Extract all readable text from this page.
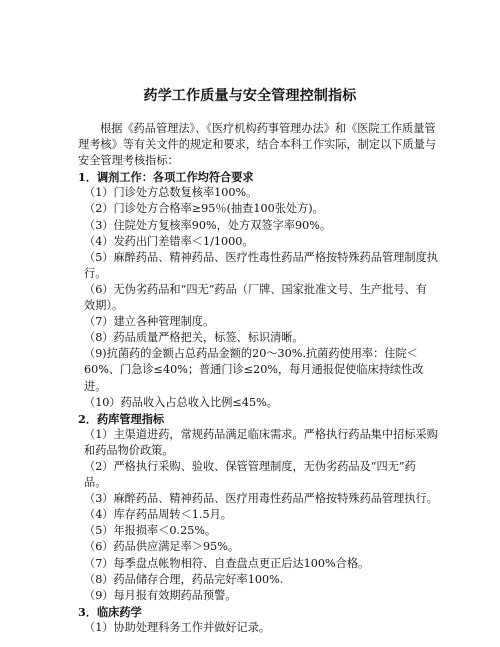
药学工作质量与安全管理控制指标

根据《药品管理法》、《医疗机构药事管理办法》和《医院工作质量管理考核》等有关文件的规定和要求，结合本科工作实际，制定以下质量与安全管理考核指标：

1．调剂工作：各项工作均符合要求

（1）门诊处方总数复核率100%。

（2）门诊处方合格率≥95％(抽查100张处方)。

（3）住院处方复核率90%，处方双签字率90%。

（4）发药出门差错率＜1/1000。

（5）麻醉药品、精神药品、医疗性毒性药品严格按特殊药品管理制度执行。

（6）无伪劣药品和“四无”药品（厂牌、国家批准文号、生产批号、有效期）。

（7）建立各种管理制度。

（8）药品质量严格把关，标签、标识清晰。

（9)抗菌药的金额占总药品金额的20～30%.抗菌药使用率：住院＜60%、门急诊≤40%；普通门诊≤20%，每月通报促使临床持续性改进。

（10）药品收入占总收入比例≤45%。

2．药库管理指标

（1）主渠道进药，常规药品满足临床需求。严格执行药品集中招标采购和药品物价政策。

（2）严格执行采购、验收、保管管理制度，无伪劣药品及“四无”药品。

（3）麻醉药品、精神药品、医疗用毒性药品严格按特殊药品管理执行。

（4）库存药品周转＜1.5月。

（5）年报损率＜0.25%。

（6）药品供应满足率＞95%。

（7）每季盘点帐物相符、自查盘点更正后达100%合格。

（8）药品储存合理，药品完好率100%.

（9）每月报有效期药品预警。

3．临床药学

（1）协助处理科务工作并做好记录。
